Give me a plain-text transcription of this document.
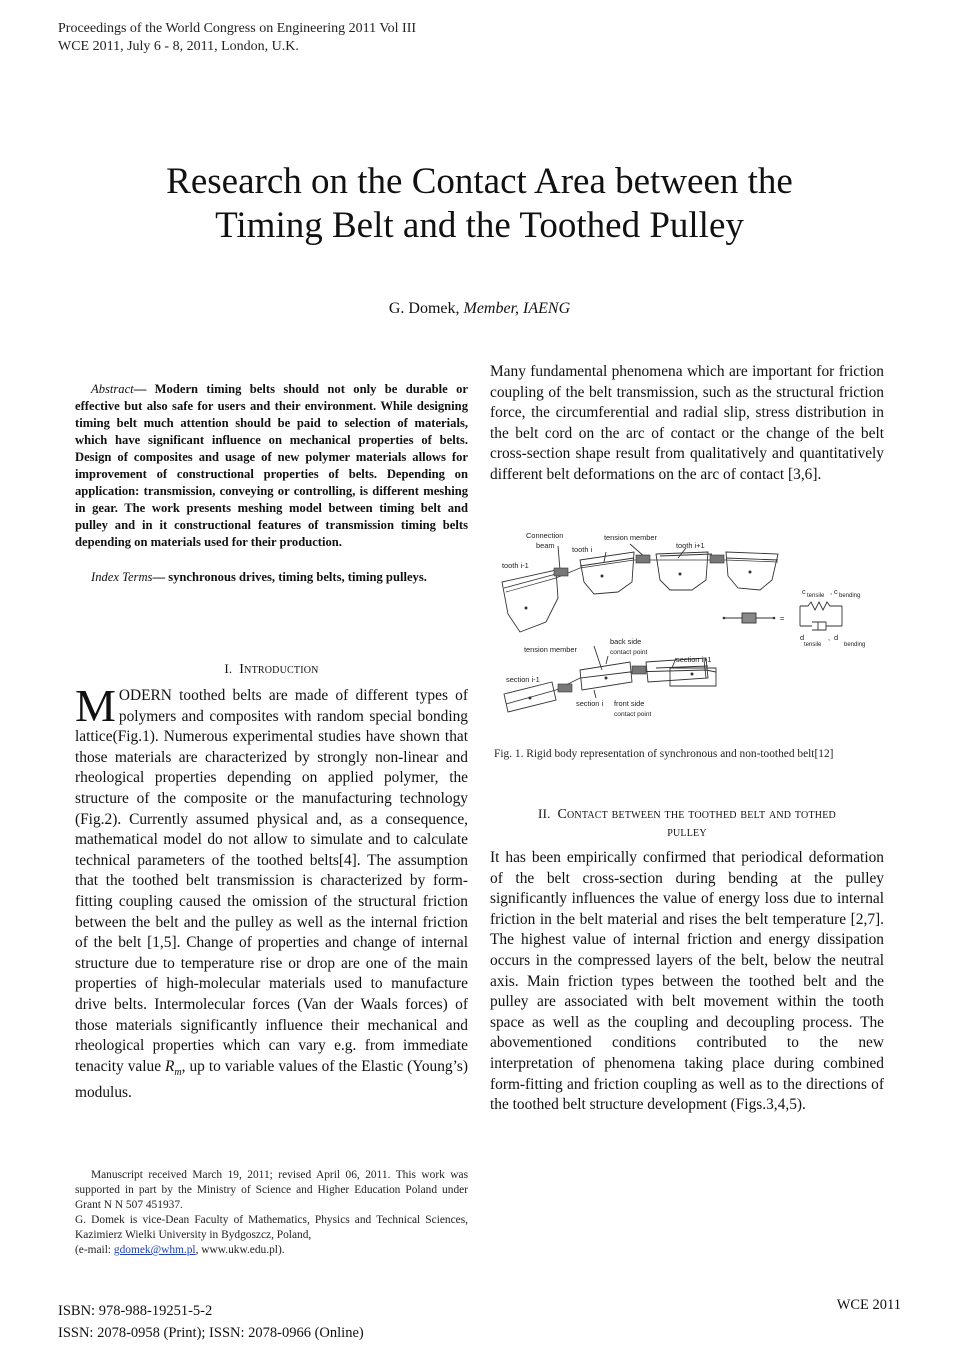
Proceedings of the World Congress on Engineering 2011 Vol III
WCE 2011, July 6 - 8, 2011, London, U.K.
Research on the Contact Area between the
Timing Belt and the Toothed Pulley
G. Domek, Member, IAENG
Abstract— Modern timing belts should not only be durable or effective but also safe for users and their environment. While designing timing belt much attention should be paid to selection of materials, which have significant influence on mechanical properties of belts. Design of composites and usage of new polymer materials allows for improvement of constructional properties of belts. Depending on application: transmission, conveying or controlling, is different meshing in gear. The work presents meshing model between timing belt and pulley and in it constructional features of transmission timing belts depending on materials used for their production.
Index Terms— synchronous drives, timing belts, timing pulleys.
I. Introduction
MODERN toothed belts are made of different types of polymers and composites with random special bonding lattice(Fig.1). Numerous experimental studies have shown that those materials are characterized by strongly non-linear and rheological properties depending on applied polymer, the structure of the composite or the manufacturing technology (Fig.2). Currently assumed physical and, as a consequence, mathematical model do not allow to simulate and to calculate technical parameters of the toothed belts[4]. The assumption that the toothed belt transmission is characterized by form-fitting coupling caused the omission of the structural friction between the belt and the pulley as well as the internal friction of the belt [1,5]. Change of properties and change of internal structure due to temperature rise or drop are one of the main properties of high-molecular materials used to manufacture drive belts. Intermolecular forces (Van der Waals forces) of those materials significantly influence their mechanical and rheological properties which can vary e.g. from immediate tenacity value $R_m$, up to variable values of the Elastic (Young’s) modulus.
Many fundamental phenomena which are important for friction coupling of the belt transmission, such as the structural friction force, the circumferential and radial slip, stress distribution in the belt cord on the arc of contact or the change of the belt cross-section shape result from qualitatively and quantitatively different belt deformations on the arc of contact [3,6].
Connection
beam tooth i
tension member
tooth i+1
tooth i-1
c tensile , c bending
=
d
tensile
, d
bending
tension member
back side
contact point
section i+1
section i-1
section i front side
contact point
Fig. 1. Rigid body representation of synchronous and non-toothed belt[12]
II. Contact between the toothed belt and tothed
pulley
It has been empirically confirmed that periodical deformation of the belt cross-section during bending at the pulley significantly influences the value of energy loss due to internal friction in the belt material and rises the belt temperature [2,7]. The highest value of internal friction and energy dissipation occurs in the compressed layers of the belt, below the neutral axis. Main friction types between the toothed belt and the pulley are associated with belt movement within the tooth space as well as the coupling and decoupling process. The abovementioned conditions contributed to the new interpretation of phenomena taking place during combined form-fitting and friction coupling as well as to the directions of the toothed belt structure development (Figs.3,4,5).

Manuscript received March 19, 2011; revised April 06, 2011. This work was supported in part by the Ministry of Science and Higher Education Poland under Grant N N 507 451937.

G. Domek is vice-Dean Faculty of Mathematics, Physics and Technical Sciences, Kazimierz Wielki University in Bydgoszcz, Poland,

(e-mail: gdomek@whm.pl, www.ukw.edu.pl).

ISBN: 978-988-19251-5-2
ISSN: 2078-0958 (Print); ISSN: 2078-0966 (Online)
WCE 2011
